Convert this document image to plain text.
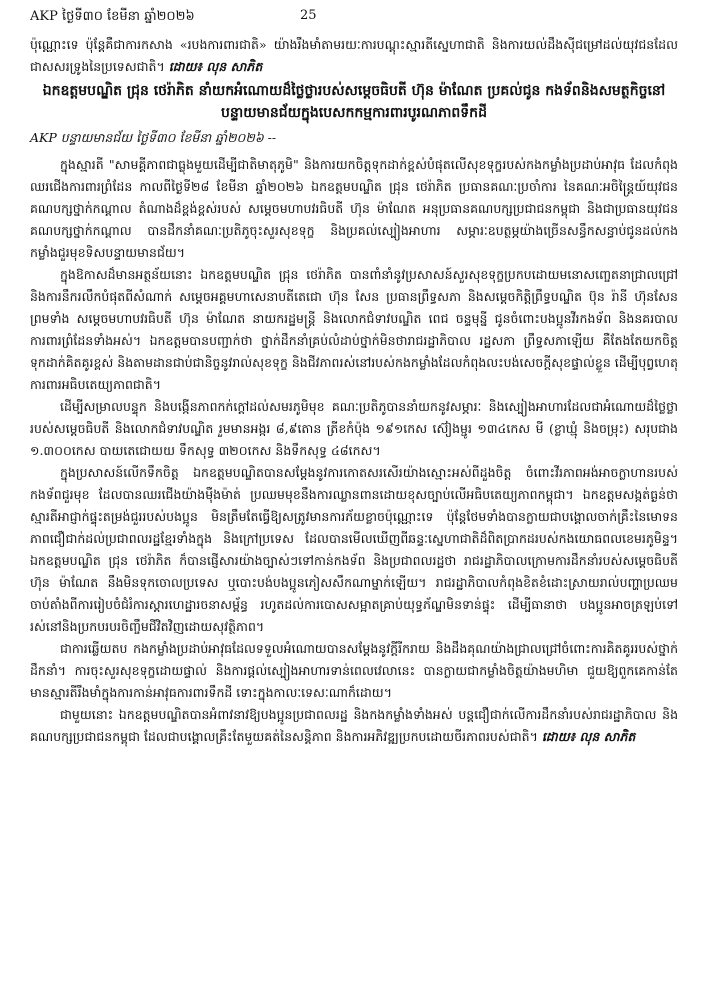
AKP ថ្ងៃទី៣០ ខែមីនា ឆ្នាំ២០២៦	25
ប៉ុណ្ណោះទេ ប៉ុន្តែគឺជាការកសាង «របងការពារជាតិ» យ៉ាងរឹងមាំតាមរយៈការបណ្ដុះស្មារតីស្នេហាជាតិ និងការយល់ដឹងស៊ីជម្រៅដល់យុវជនដែលជាសសរទ្រូងនៃប្រទេសជាតិ។ ដោយ៖ លុន សាភិត
ឯកឧត្ដមបណ្ឌិត ជ្រុន ថេរ៉ាភិត នាំយកអំណោយដ៏ថ្លៃថ្លារបស់សម្ដេចធិបតី ហ៊ុន ម៉ាណែត ប្រគល់ជូន កងទ័ពនិងសមត្ថកិច្ចនៅបន្ទាយមានជ័យក្នុងបេសកកម្មការពារបូរណភាពទឹកដី
AKP បន្ទាយមានជ័យ ថ្ងៃទី៣០ ខែមីនា ឆ្នាំ២០២៦ --

ក្នុងស្មារតី "សាមគ្គីភាពជាធ្លុងមួយដើម្បីជាតិមាតុភូមិ" និងការយកចិត្តទុកដាក់ខ្ពស់បំផុតលើសុខទុក្ខរបស់កងកម្លាំងប្រដាប់អាវុធ ដែលកំពុងឈរជើងការពារព្រំដែន កាលពីថ្ងៃទី២៨ ខែមីនា ឆ្នាំ២០២៦ ឯកឧត្ដមបណ្ឌិត ជ្រុន ថេរ៉ាភិត ប្រធានគណៈប្រចាំការ នៃគណៈអចិន្ត្រៃយ៍យុវជនគណបក្សថ្នាក់កណ្ដាល តំណាងដ៏ខ្ពង់ខ្ពស់របស់ សម្ដេចមហាបវរធិបតី ហ៊ុន ម៉ាណែត អនុប្រធានគណបក្សប្រជាជនកម្ពុជា និងជាប្រធានយុវជនគណបក្សថ្នាក់កណ្ដាល បានដឹកនាំគណៈប្រតិភូចុះសួរសុខទុក្ខ និងប្រគល់ស្បៀងអាហារ សម្ភារៈឧបត្ថម្ភយ៉ាងច្រើនសន្ធឹកសន្ធាប់ជូនដល់កងកម្លាំងជួរមុខទិសបន្ទាយមានជ័យ។

ក្នុងឱកាសដ៏មានអត្ថន័យនោះ ឯកឧត្ដមបណ្ឌិត ជ្រុន ថេរ៉ាភិត បានពាំនាំនូវប្រសាសន៍សួរសុខទុក្ខប្រកបដោយមនោសញ្ចេតនាជ្រាលជ្រៅ និងការនឹករលឹកបំផុតពីសំណាក់ សម្ដេចអគ្គមហាសេនាបតីតេជោ ហ៊ុន សែន ប្រធានព្រឹទ្ធសភា និងសម្ដេចកិត្តិព្រឹទ្ធបណ្ឌិត ប៊ុន រ៉ានី ហ៊ុនសែន ព្រមទាំង សម្ដេចមហាបវរធិបតី ហ៊ុន ម៉ាណែត នាយករដ្ឋមន្ត្រី និងលោកជំទាវបណ្ឌិត ពេជ ចន្ទមុន្នី ជូនចំពោះបងប្អូនវីរកងទ័ព និងនគរបាលការពារព្រំដែនទាំងអស់។ ឯកឧត្ដមបានបញ្ជាក់ថា ថ្នាក់ដឹកនាំគ្រប់លំដាប់ថ្នាក់មិនថារាជរដ្ឋាភិបាល រដ្ឋសភា ព្រឹទ្ធសភាឡើយ គឺតែងតែយកចិត្តទុកដាក់គិតគូរខ្ពស់ និងតាមដានជាប់ជានិច្ចនូវរាល់សុខទុក្ខ និងជីវភាពរស់នៅរបស់កងកម្លាំងដែលកំពុងលះបង់សេចក្ដីសុខផ្ទាល់ខ្លួន ដើម្បីបុព្វហេតុការពារអធិបតេយ្យភាពជាតិ។

ដើម្បីសម្រាលបន្ទុក និងបង្កើនភាពកក់ក្ដៅដល់សមរភូមិមុខ គណៈប្រតិភូបាននាំយកនូវសម្ភារៈ និងស្បៀងអាហារដែលជាអំណោយដ៏ថ្លៃថ្លារបស់សម្ដេចធិបតី និងលោកជំទាវបណ្ឌិត រួមមានអង្ករ ៨,៩តោន ត្រីខកំប៉ុង ១៩១កេស ស៊ៀងម្ជូរ ១៣៤កេស មី (ខ្លាឃ្មុំ និងចម្រុះ) សរុបជាង ១.៣០០កេស បាយតេជោយយ ទឹកសុទ្ធ ៣២០កេស និងទឹកសុទ្ធ ៤៨កេស។

ក្នុងប្រសាសន៍លើកទឹកចិត្ត ឯកឧត្ដមបណ្ឌិតបានសម្ដែងនូវការកោតសរសើរយ៉ាងស្មោះអស់ពីដួងចិត្ត ចំពោះវីរភាពអង់អាចក្លាហានរបស់កងទ័ពជួរមុខ ដែលបានឈរជើងយ៉ាងម៉ឺងម៉ាត់ ប្រឈមមុខនឹងការឈ្លានពានដោយខុសច្បាប់លើអធិបតេយ្យភាពកម្ពុជា។ ឯកឧត្ដមសង្កត់ធ្ងន់ថា ស្មារតីអាជ្ញាក់ផ្ទុះតម្រង់ជួររបស់បងប្អូន មិនត្រឹមតែធ្វើឱ្យសត្រូវមានការភ័យខ្លាចប៉ុណ្ណោះទេ ប៉ុន្តែថែមទាំងបានក្លាយជាបង្គោលចាក់គ្រឹះនៃមោទនភាពជឿជាក់ដល់ប្រជាពលរដ្ឋខ្មែរទាំងក្នុង និងក្រៅប្រទេស ដែលបានមើលឃើញពីឆន្ទៈស្នេហាជាតិដ៏ពិតប្រាកដរបស់កងយោធពលខេមរភូមិន្ទ។ ឯកឧត្ដមបណ្ឌិត ជ្រុន ថេរ៉ាភិត ក៏បានផ្ញើសារយ៉ាងច្បាស់ៗទៅកាន់កងទ័ព និងប្រជាពលរដ្ឋថា រាជរដ្ឋាភិបាលក្រោមការដឹកនាំរបស់សម្ដេចធិបតី ហ៊ុន ម៉ាណែត នឹងមិនទុកចោលប្រទេស ឬបោះបង់បងប្អូនភៀសសឹកណាម្នាក់ឡើយ។ រាជរដ្ឋាភិបាលកំពុងខិតខំដោះស្រាយរាល់បញ្ហាប្រឈម ចាប់តាំងពីការរៀបចំជំរំការស្ដារហេដ្ឋារចនាសម្ព័ន្ធ រហូតដល់ការបោសសម្អាតគ្រាប់យុទ្ធភ័ណ្ឌមិនទាន់ផ្ទុះ ដើម្បីធានាថា បងប្អូនអាចត្រឡប់ទៅរស់នៅនិងប្រកបរបរចិញ្ចឹមជីវិតវិញដោយសុវត្ថិភាព។

ជាការឆ្លើយតប កងកម្លាំងប្រដាប់អាវុធដែលទទួលអំណោយបានសម្ដែងនូវក្ដីរីករាយ និងដឹងគុណយ៉ាងជ្រាលជ្រៅចំពោះការគិតគូររបស់ថ្នាក់ដឹកនាំ។ ការចុះសួរសុខទុក្ខដោយផ្ទាល់ និងការផ្ដល់ស្បៀងអាហារទាន់ពេលវេលានេះ បានក្លាយជាកម្លាំងចិត្តយ៉ាងមហិមា ជួយឱ្យពួកគេកាន់តែមានស្មារតីរឹងមាំក្នុងការកាន់អាវុធការពារទឹកដី ទោះក្នុងកាលៈទេសៈណាក៏ដោយ។

ជាមួយនោះ ឯកឧត្ដមបណ្ឌិតបានអំពាវនាវឱ្យបងប្អូនប្រជាពលរដ្ឋ និងកងកម្លាំងទាំងអស់ បន្តជឿជាក់លើការដឹកនាំរបស់រាជរដ្ឋាភិបាល និងគណបក្សប្រជាជនកម្ពុជា ដែលជាបង្គោលគ្រឹះតែមួយគត់នៃសន្តិភាព និងការអភិវឌ្ឍប្រកបដោយចីរភាពរបស់ជាតិ។ ដោយ៖ លុន សាភិត
